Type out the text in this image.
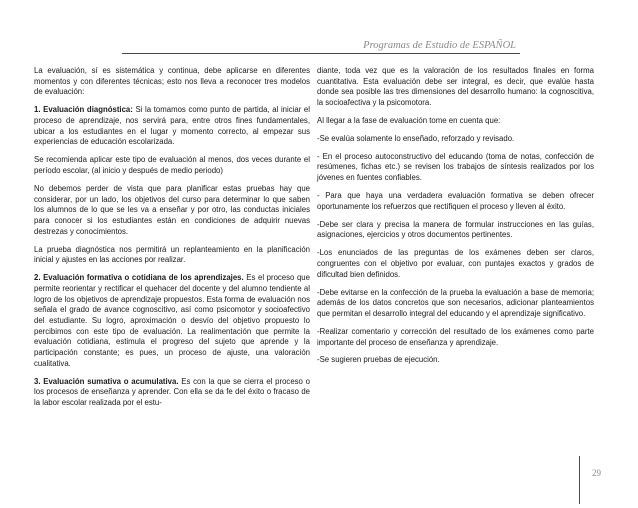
Programas de Estudio de ESPAÑOL

La evaluación, sí es sistemática y continua, debe aplicarse en diferentes momentos y con diferentes técnicas; esto nos lleva a reconocer tres modelos de evaluación:

1. Evaluación diagnóstica: Si la tomamos como punto de partida, al iniciar el proceso de aprendizaje, nos servirá para, entre otros fines fundamentales, ubicar a los estudiantes en el lugar y momento correcto, al empezar sus experiencias de educación escolarizada.

Se recomienda aplicar este tipo de evaluación al menos, dos veces durante el período escolar, (al inicio y después de medio periodo)

No debemos perder de vista que para planificar estas pruebas hay que considerar, por un lado, los objetivos del curso para determinar lo que saben los alumnos de lo que se les va a enseñar y por otro, las conductas iniciales para conocer si los estudiantes están en condiciones de adquirir nuevas destrezas y conocimientos.

La prueba diagnóstica nos permitirá un replanteamiento en la planificación inicial y ajustes en las acciones por realizar.

2. Evaluación formativa o cotidiana de los aprendizajes. Es el proceso que permite reorientar y rectificar el quehacer del docente y del alumno tendiente al logro de los objetivos de aprendizaje propuestos. Esta forma de evaluación nos señala el grado de avance cognoscitivo, así como psicomotor y socioafectivo del estudiante. Su logro, aproximación o desvío del objetivo propuesto lo percibimos con este tipo de evaluación. La realimentación que permite la evaluación cotidiana, estimula el progreso del sujeto que aprende y la participación constante; es pues, un proceso de ajuste, una valoración cualitativa.

3. Evaluación sumativa o acumulativa. Es con la que se cierra el proceso o los procesos de enseñanza y aprender. Con ella se da fe del éxito o fracaso de la labor escolar realizada por el estu-

diante, toda vez que es la valoración de los resultados finales en forma cuantitativa. Esta evaluación debe ser integral, es decir, que evalúe hasta donde sea posible las tres dimensiones del desarrollo humano: la cognoscitiva, la socioafectiva y la psicomotora.

Al llegar a la fase de evaluación tome en cuenta que:

-Se evalúa solamente lo enseñado, reforzado y revisado.

- En el proceso autoconstructivo del educando (toma de notas, confección de resúmenes, fichas etc.) se revisen los trabajos de síntesis realizados por los jóvenes en fuentes confiables.

- Para que haya una verdadera evaluación formativa se deben ofrecer oportunamente los refuerzos que rectifiquen el proceso y lleven al éxito.

-Debe ser clara y precisa la manera de formular instrucciones en las guías, asignaciones, ejercicios y otros documentos pertinentes.

-Los enunciados de las preguntas de los exámenes deben ser claros, congruentes con el objetivo por evaluar, con puntajes exactos y grados de dificultad bien definidos.

-Debe evitarse en la confección de la prueba la evaluación a base de memoria; además de los datos concretos que son necesarios, adicionar planteamientos que permitan el desarrollo integral del educando y el aprendizaje significativo.

-Realizar comentario y corrección del resultado de los exámenes como parte importante del proceso de enseñanza y aprendizaje.

-Se sugieren pruebas de ejecución.

29
